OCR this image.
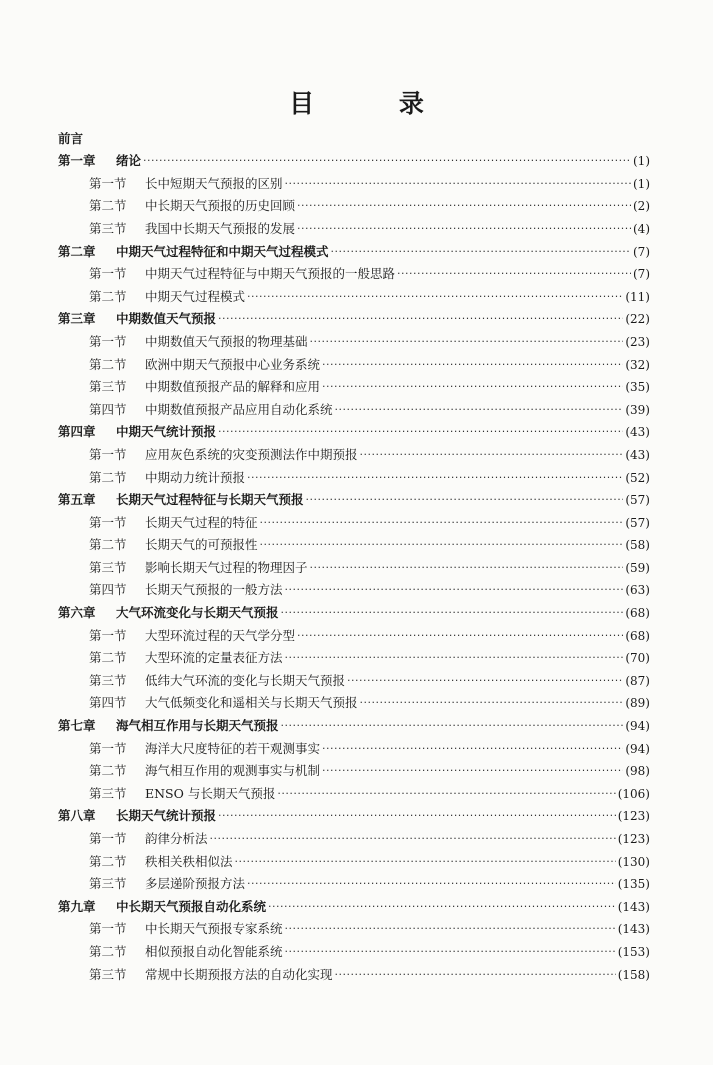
目 录
前言
第一章	绪论 ·····	(1)
第一节	长中短期天气预报的区别 ·····	(1)
第二节	中长期天气预报的历史回顾 ·····	(2)
第三节	我国中长期天气预报的发展 ·····	(4)
第二章	中期天气过程特征和中期天气过程模式 ·····	(7)
第一节	中期天气过程特征与中期天气预报的一般思路 ·····	(7)
第二节	中期天气过程模式 ·····	(11)
第三章	中期数值天气预报 ·····	(22)
第一节	中期数值天气预报的物理基础 ·····	(23)
第二节	欧洲中期天气预报中心业务系统 ·····	(32)
第三节	中期数值预报产品的解释和应用 ·····	(35)
第四节	中期数值预报产品应用自动化系统 ·····	(39)
第四章	中期天气统计预报 ·····	(43)
第一节	应用灰色系统的灾变预测法作中期预报 ·····	(43)
第二节	中期动力统计预报 ·····	(52)
第五章	长期天气过程特征与长期天气预报 ·····	(57)
第一节	长期天气过程的特征 ·····	(57)
第二节	长期天气的可预报性 ·····	(58)
第三节	影响长期天气过程的物理因子 ·····	(59)
第四节	长期天气预报的一般方法 ·····	(63)
第六章	大气环流变化与长期天气预报 ·····	(68)
第一节	大型环流过程的天气学分型 ·····	(68)
第二节	大型环流的定量表征方法 ·····	(70)
第三节	低纬大气环流的变化与长期天气预报 ·····	(87)
第四节	大气低频变化和遥相关与长期天气预报 ·····	(89)
第七章	海气相互作用与长期天气预报 ·····	(94)
第一节	海洋大尺度特征的若干观测事实 ·····	(94)
第二节	海气相互作用的观测事实与机制 ·····	(98)
第三节	ENSO 与长期天气预报 ·····	(106)
第八章	长期天气统计预报 ·····	(123)
第一节	韵律分析法 ·····	(123)
第二节	秩相关秩相似法 ·····	(130)
第三节	多层递阶预报方法 ·····	(135)
第九章	中长期天气预报自动化系统 ·····	(143)
第一节	中长期天气预报专家系统 ·····	(143)
第二节	相似预报自动化智能系统 ·····	(153)
第三节	常规中长期预报方法的自动化实现 ·····	(158)
